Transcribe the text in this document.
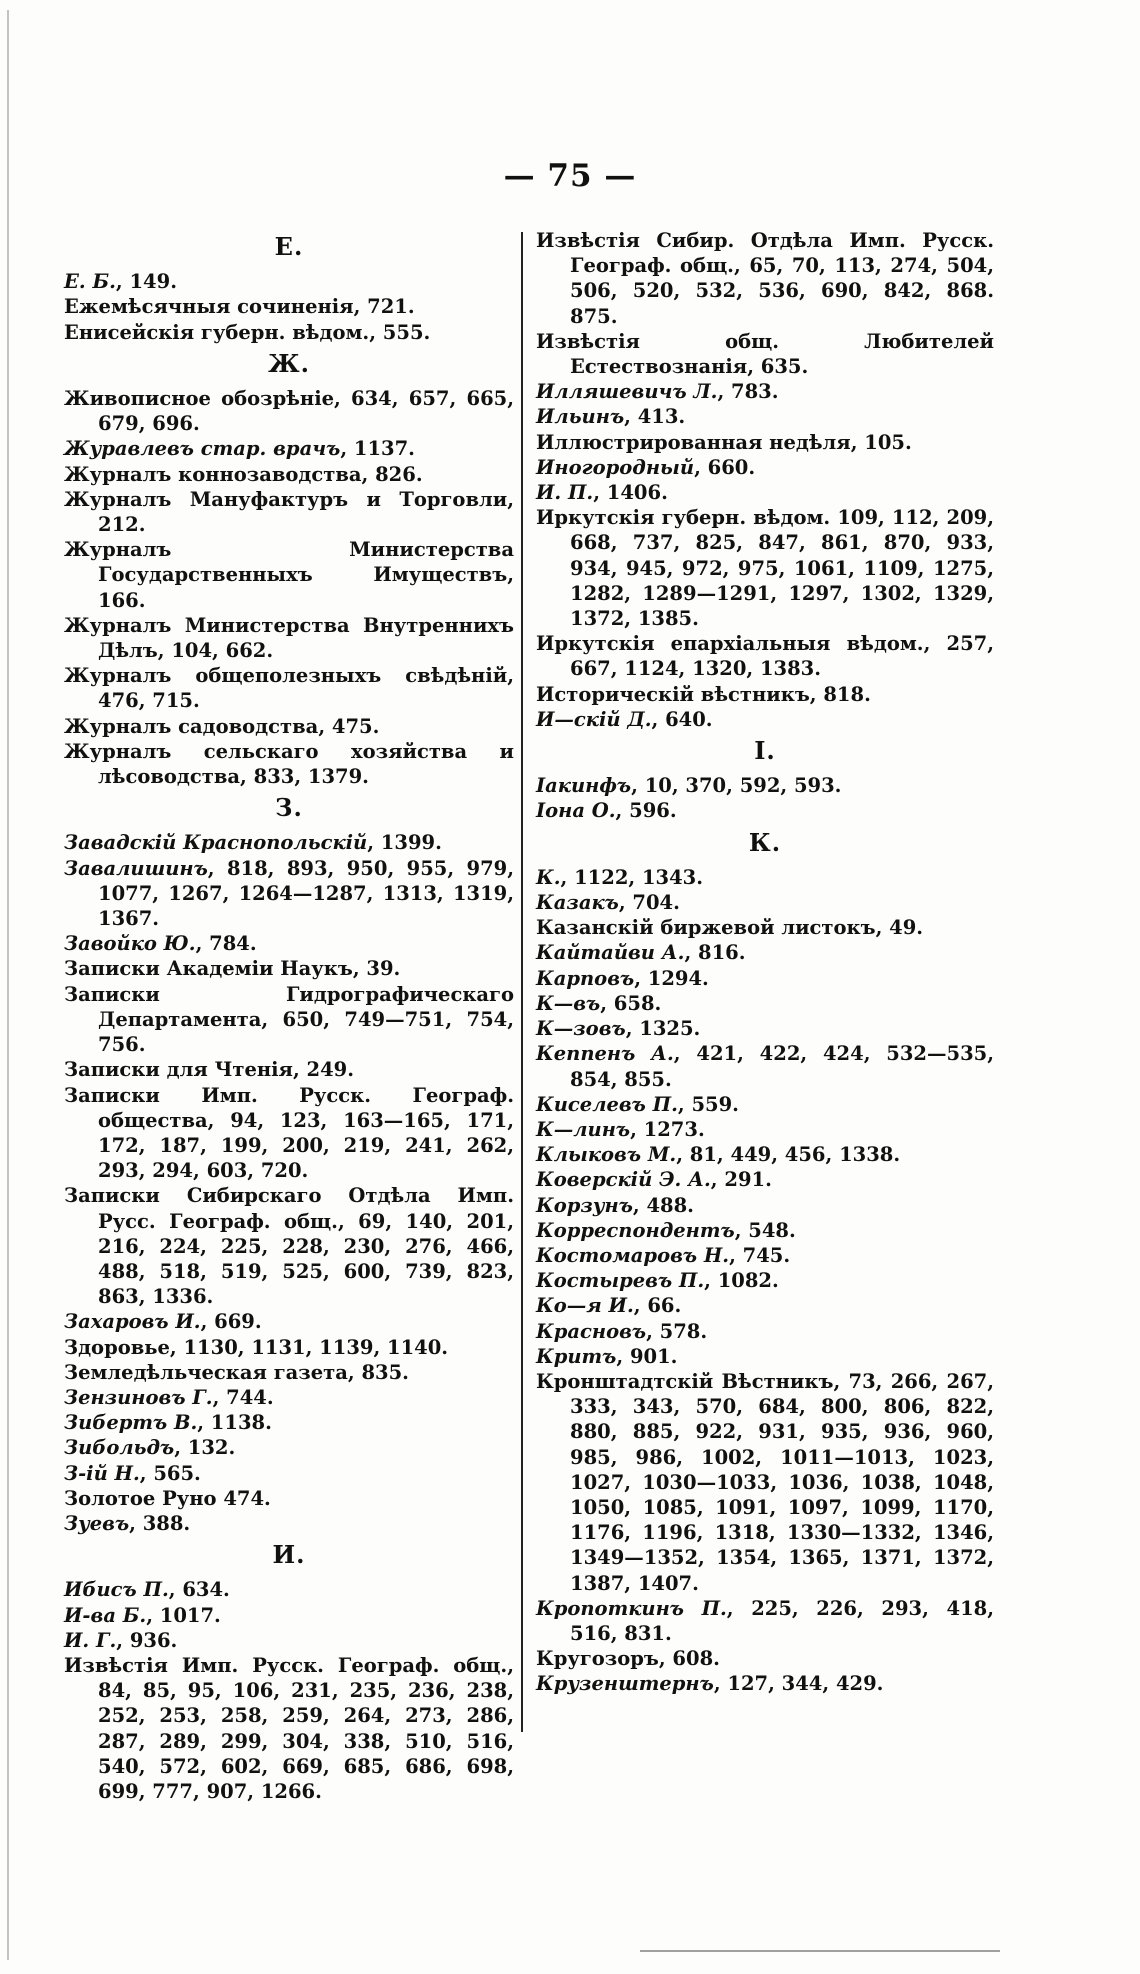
— 75 —
E.
Е. Б., 149.
Ежемѣсячныя сочиненія, 721.
Енисейскія губерн. вѣдом., 555.
Ж.
Живописное обозрѣніе, 634, 657, 665, 679, 696.
Журавлевъ стар. врачъ, 1137.
Журналъ коннозаводства, 826.
Журналъ Мануфактуръ и Торговли, 212.
Журналъ Министерства Государственныхъ Имуществъ, 166.
Журналъ Министерства Внутреннихъ Дѣлъ, 104, 662.
Журналъ общеполезныхъ свѣдѣній, 476, 715.
Журналъ садоводства, 475.
Журналъ сельскаго хозяйства и лѣсоводства, 833, 1379.
З.
Завадскій Краснопольскій, 1399.
Завалишинъ, 818, 893, 950, 955, 979, 1077, 1267, 1264—1287, 1313, 1319, 1367.
Завойко Ю., 784.
Записки Академіи Наукъ, 39.
Записки Гидрографическаго Департамента, 650, 749—751, 754, 756.
Записки для Чтенія, 249.
Записки Имп. Русск. Географ. общества, 94, 123, 163—165, 171, 172, 187, 199, 200, 219, 241, 262, 293, 294, 603, 720.
Записки Сибирскаго Отдѣла Имп. Русс. Географ. общ., 69, 140, 201, 216, 224, 225, 228, 230, 276, 466, 488, 518, 519, 525, 600, 739, 823, 863, 1336.
Захаровъ И., 669.
Здоровье, 1130, 1131, 1139, 1140.
Земледѣльческая газета, 835.
Зензиновъ Г., 744.
Зибертъ В., 1138.
Зибольдъ, 132.
З-ій Н., 565.
Золотое Руно 474.
Зуевъ, 388.
И.
Ибисъ П., 634.
И-ва Б., 1017.
И. Г., 936.
Извѣстія Имп. Русск. Географ. общ., 84, 85, 95, 106, 231, 235, 236, 238, 252, 253, 258, 259, 264, 273, 286, 287, 289, 299, 304, 338, 510, 516, 540, 572, 602, 669, 685, 686, 698, 699, 777, 907, 1266.
Извѣстія Сибир. Отдѣла Имп. Русск. Географ. общ., 65, 70, 113, 274, 504, 506, 520, 532, 536, 690, 842, 868. 875.
Извѣстія общ. Любителей Естествознанія, 635.
Илляшевичъ Л., 783.
Ильинъ, 413.
Иллюстрированная недѣля, 105.
Иногородный, 660.
И. П., 1406.
Иркутскія губерн. вѣдом. 109, 112, 209, 668, 737, 825, 847, 861, 870, 933, 934, 945, 972, 975, 1061, 1109, 1275, 1282, 1289—1291, 1297, 1302, 1329, 1372, 1385.
Иркутскія епархіальныя вѣдом., 257, 667, 1124, 1320, 1383.
Историческій вѣстникъ, 818.
И—скій Д., 640.
I.
Iакинфъ, 10, 370, 592, 593.
Iона О., 596.
К.
К., 1122, 1343.
Казакъ, 704.
Казанскій биржевой листокъ, 49.
Кайтайви А., 816.
Карповъ, 1294.
К—въ, 658.
К—зовъ, 1325.
Кеппенъ А., 421, 422, 424, 532—535, 854, 855.
Киселевъ П., 559.
К—линъ, 1273.
Клыковъ М., 81, 449, 456, 1338.
Коверскій Э. А., 291.
Корзунъ, 488.
Корреспондентъ, 548.
Костомаровъ Н., 745.
Костыревъ П., 1082.
Ко—я И., 66.
Красновъ, 578.
Критъ, 901.
Кронштадтскій Вѣстникъ, 73, 266, 267, 333, 343, 570, 684, 800, 806, 822, 880, 885, 922, 931, 935, 936, 960, 985, 986, 1002, 1011—1013, 1023, 1027, 1030—1033, 1036, 1038, 1048, 1050, 1085, 1091, 1097, 1099, 1170, 1176, 1196, 1318, 1330—1332, 1346, 1349—1352, 1354, 1365, 1371, 1372, 1387, 1407.
Кропоткинъ П., 225, 226, 293, 418, 516, 831.
Кругозоръ, 608.
Крузенштернъ, 127, 344, 429.
